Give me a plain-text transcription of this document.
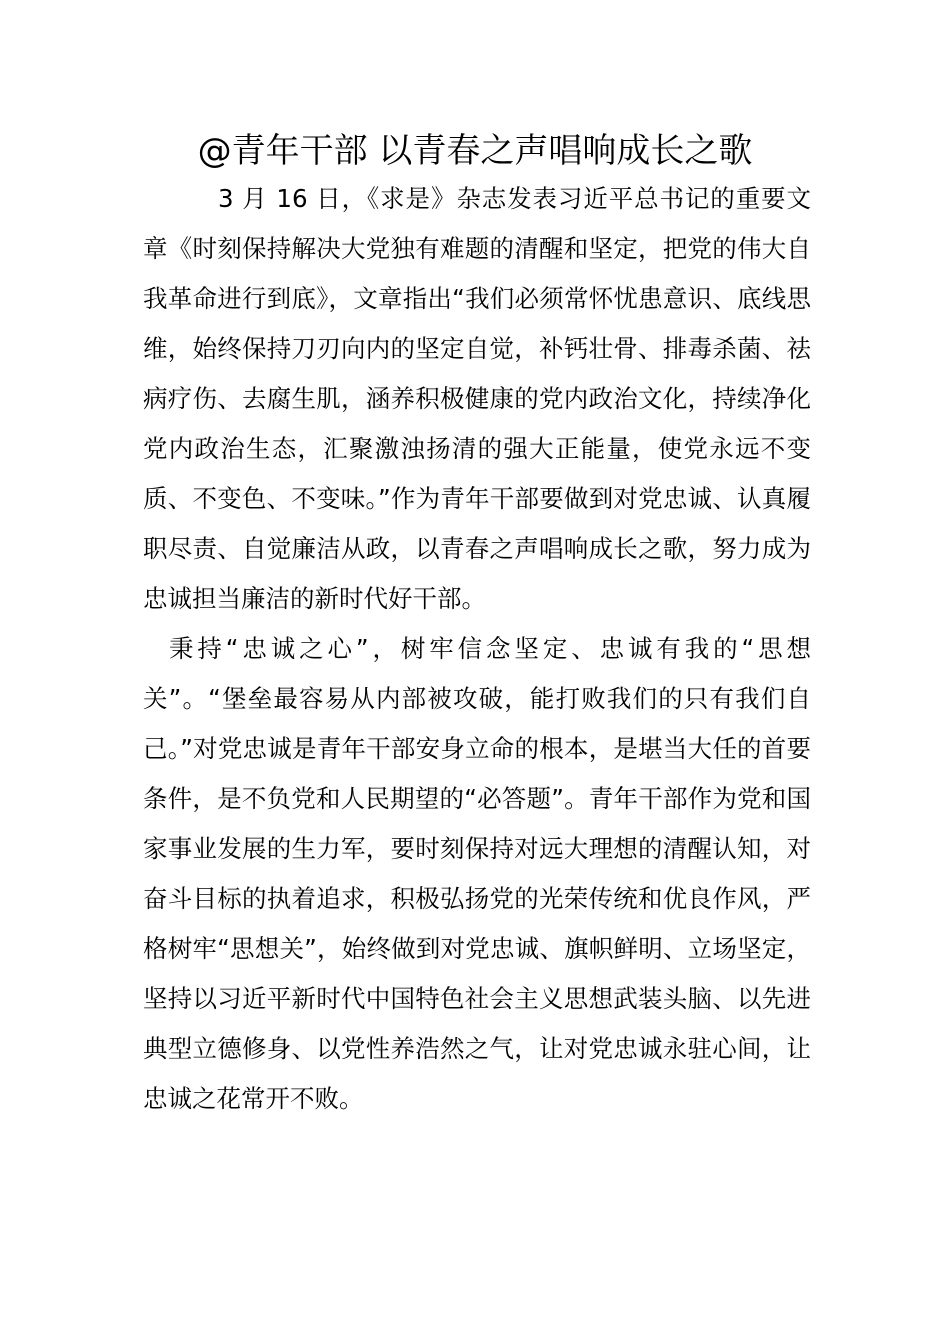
@青年干部 以青春之声唱响成长之歌

3 月 16 日，《求是》杂志发表习近平总书记的重要文章《时刻保持解决大党独有难题的清醒和坚定，把党的伟大自我革命进行到底》，文章指出“我们必须常怀忧患意识、底线思维，始终保持刀刃向内的坚定自觉，补钙壮骨、排毒杀菌、祛病疗伤、去腐生肌，涵养积极健康的党内政治文化，持续净化党内政治生态，汇聚激浊扬清的强大正能量，使党永远不变质、不变色、不变味。”作为青年干部要做到对党忠诚、认真履职尽责、自觉廉洁从政，以青春之声唱响成长之歌，努力成为忠诚担当廉洁的新时代好干部。

秉持“忠诚之心”，树牢信念坚定、忠诚有我的“思想关”。“堡垒最容易从内部被攻破，能打败我们的只有我们自己。”对党忠诚是青年干部安身立命的根本，是堪当大任的首要条件，是不负党和人民期望的“必答题”。青年干部作为党和国家事业发展的生力军，要时刻保持对远大理想的清醒认知，对奋斗目标的执着追求，积极弘扬党的光荣传统和优良作风，严格树牢“思想关”，始终做到对党忠诚、旗帜鲜明、立场坚定，坚持以习近平新时代中国特色社会主义思想武装头脑、以先进典型立德修身、以党性养浩然之气，让对党忠诚永驻心间，让忠诚之花常开不败。
